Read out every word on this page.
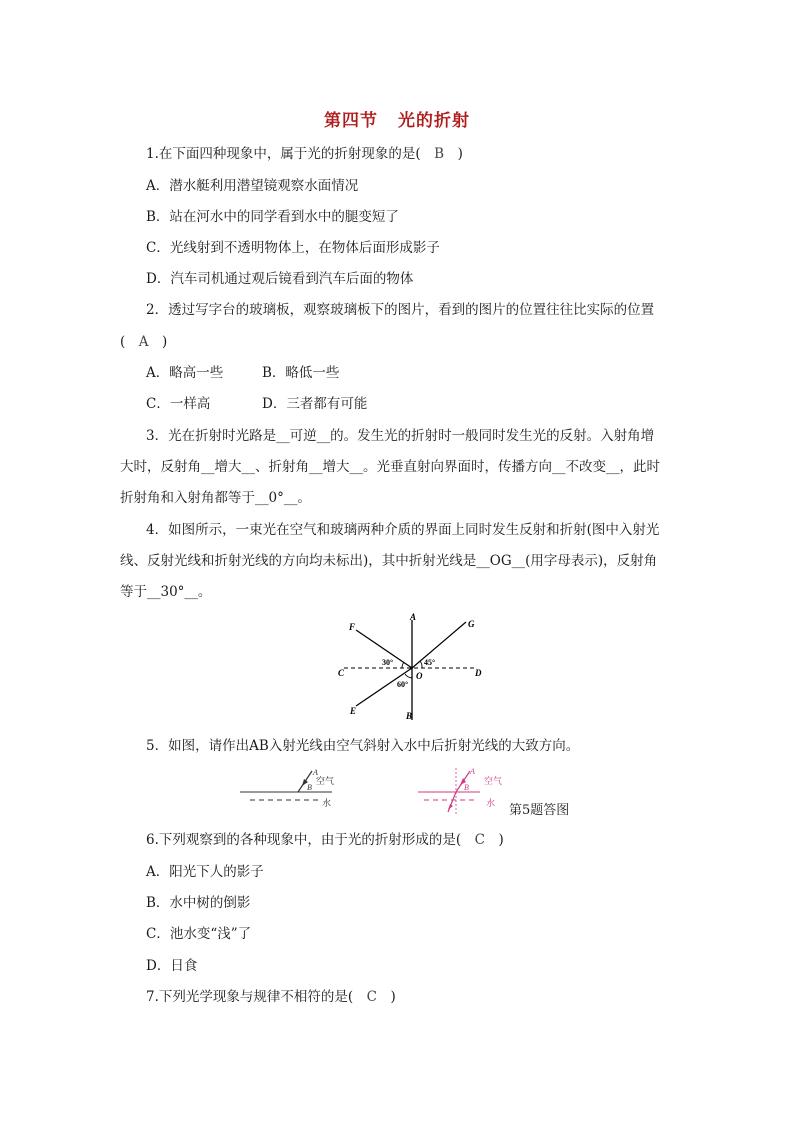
第四节 光的折射
1.在下面四种现象中，属于光的折射现象的是(　B　)
A．潜水艇利用潜望镜观察水面情况
B．站在河水中的同学看到水中的腿变短了
C．光线射到不透明物体上，在物体后面形成影子
D．汽车司机通过观后镜看到汽车后面的物体
2．透过写字台的玻璃板，观察玻璃板下的图片，看到的图片的位置往往比实际的位置
(　A　)
A．略高一些	B．略低一些
C．一样高	D．三者都有可能
3．光在折射时光路是__可逆__的。发生光的折射时一般同时发生光的反射。入射角增
大时，反射角__增大__、折射角__增大__。光垂直射向界面时，传播方向__不改变__，此时
折射角和入射角都等于__0°__。
4．如图所示，一束光在空气和玻璃两种介质的界面上同时发生反射和折射(图中入射光
线、反射光线和折射光线的方向均未标出)，其中折射光线是__OG__(用字母表示)，反射角
等于__30°__。
A
B
C	D
E
F	G
O
30°	45°
60°
5．如图，请作出AB入射光线由空气斜射入水中后折射光线的大致方向。
A
B
空气
水
A
B
空气
水 第5题答图
6.下列观察到的各种现象中，由于光的折射形成的是(　C　)
A．阳光下人的影子
B．水中树的倒影
C．池水变“浅”了
D．日食
7.下列光学现象与规律不相符的是(　C　)
